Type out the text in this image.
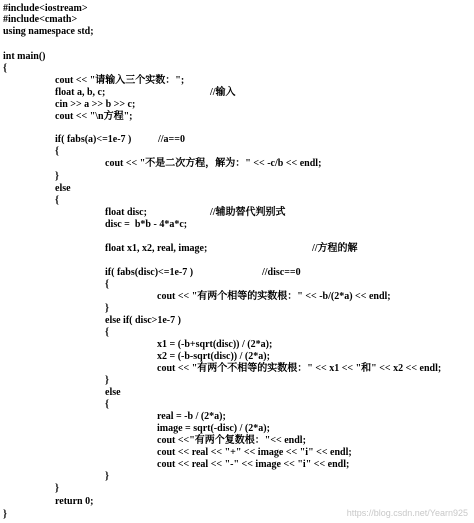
#include<iostream>
#include<cmath>
using namespace std;
int main()
{
cout << "请输入三个实数：";
float a, b, c;	//输入
cin >> a >> b >> c;
cout << "\n方程";
if( fabs(a)<=1e-7 )	//a==0
{
cout << "不是二次方程，解为：" << -c/b << endl;
}
else
{
float disc;	//辅助替代判别式
disc =  b*b - 4*a*c;
float x1, x2, real, image;	//方程的解
if( fabs(disc)<=1e-7 )	//disc==0
{
cout << "有两个相等的实数根：" << -b/(2*a) << endl;
}
else if( disc>1e-7 )
{
x1 = (-b+sqrt(disc)) / (2*a);
x2 = (-b-sqrt(disc)) / (2*a);
cout << "有两个不相等的实数根：" << x1 << "和" << x2 << endl;
}
else
{
real = -b / (2*a);
image = sqrt(-disc) / (2*a);
cout <<"有两个复数根："<< endl;
cout << real << "+" << image << "i" << endl;
cout << real << "-" << image << "i" << endl;
}
}
return 0;
}	https://blog.csdn.net/Yearn925
